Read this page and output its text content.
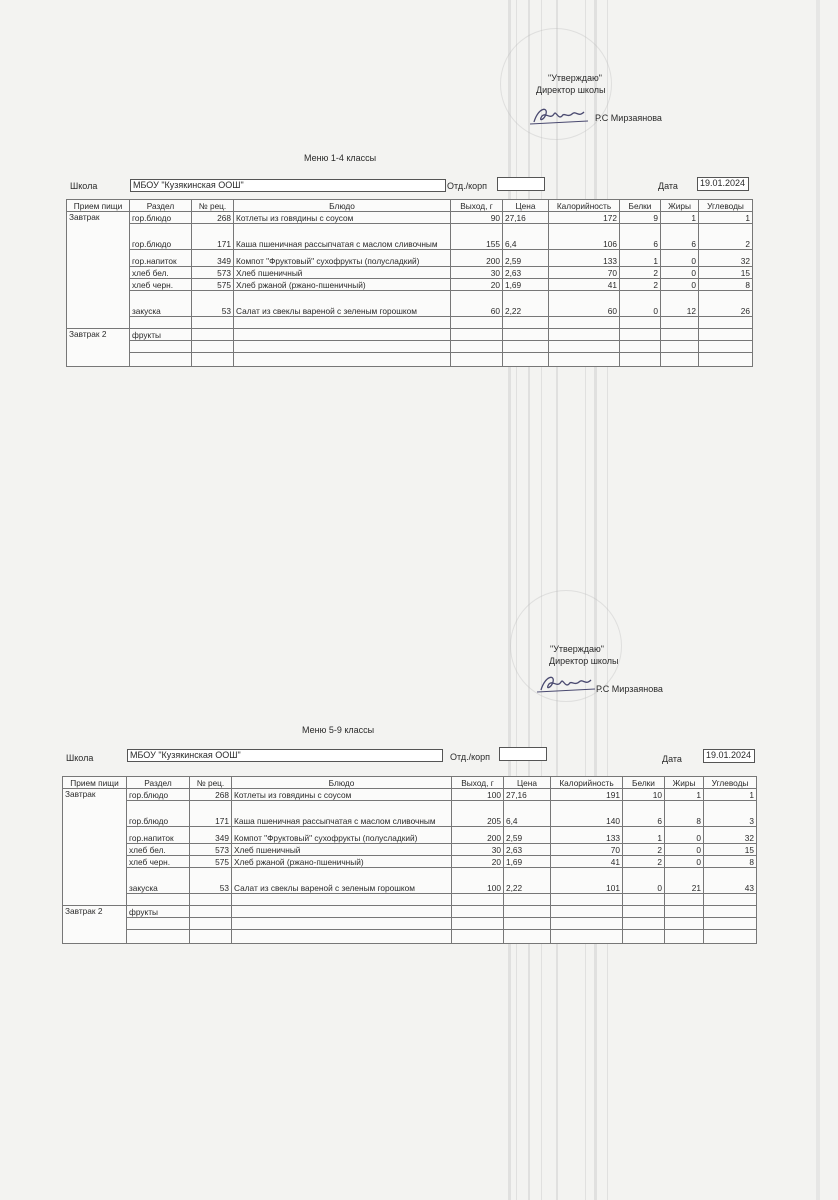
"Утверждаю"
Директор школы
Р.С Мирзаянова
Меню 1-4 классы
Школа	МБОУ "Кузякинская ООШ"	Отд./корп	Дата	19.01.2024
Прием пищи	Раздел	№ рец.	Блюдо	Выход, г	Цена	Калорийность	Белки	Жиры	Углеводы
Завтрак	гор.блюдо	268	Котлеты из говядины с соусом	90	27,16	172	9	1	1
	гор.блюдо	171	Каша пшеничная рассыпчатая с маслом сливочным	155	6,4	106	6	6	2
	гор.напиток	349	Компот "Фруктовый" сухофрукты (полусладкий)	200	2,59	133	1	0	32
	хлеб бел.	573	Хлеб пшеничный	30	2,63	70	2	0	15
	хлеб черн.	575	Хлеб ржаной (ржано-пшеничный)	20	1,69	41	2	0	8
	закуска	53	Салат из свеклы вареной с зеленым горошком	60	2,22	60	0	12	26

Завтрак 2	фрукты								

"Утверждаю"
Директор школы
Р.С Мирзаянова
Меню 5-9 классы
Школа	МБОУ "Кузякинская ООШ"	Отд./корп	Дата	19.01.2024
Прием пищи	Раздел	№ рец.	Блюдо	Выход, г	Цена	Калорийность	Белки	Жиры	Углеводы
Завтрак	гор.блюдо	268	Котлеты из говядины с соусом	100	27,16	191	10	1	1
	гор.блюдо	171	Каша пшеничная рассыпчатая с маслом сливочным	205	6,4	140	6	8	3
	гор.напиток	349	Компот "Фруктовый" сухофрукты (полусладкий)	200	2,59	133	1	0	32
	хлеб бел.	573	Хлеб пшеничный	30	2,63	70	2	0	15
	хлеб черн.	575	Хлеб ржаной (ржано-пшеничный)	20	1,69	41	2	0	8
	закуска	53	Салат из свеклы вареной с зеленым горошком	100	2,22	101	0	21	43

Завтрак 2	фрукты								
